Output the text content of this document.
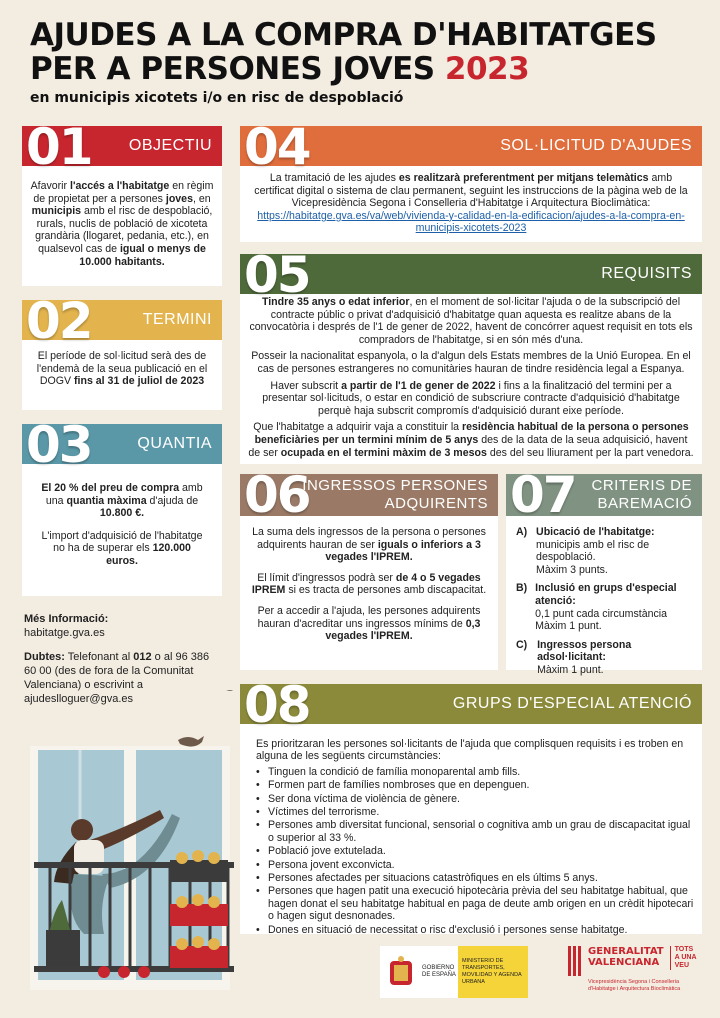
AJUDES A LA COMPRA D'HABITATGES
PER A PERSONES JOVES 2023
en municipis xicotets i/o en risc de despoblació
01 OBJECTIU
Afavorir l'accés a l'habitatge en règim de propietat per a persones joves, en municipis amb el risc de despoblació, rurals, nuclis de població de xicoteta grandària (llogaret, pedania, etc.), en qualsevol cas de igual o menys de 10.000 habitants.
02	TERMINI
El període de sol·licitud serà des de l'endemà de la seua publicació en el DOGV fins al 31 de juliol de 2023
03	QUANTIA
El 20 % del preu de compra amb una quantia màxima d'ajuda de 10.800 €.
L'import d'adquisició de l'habitatge no ha de superar els 120.000 euros.
Més Informació:
habitatge.gva.es
Dubtes: Telefonant al 012 o al 96 386 60 00 (des de fora de la Comunitat Valenciana) o escrivint a ajudeslloguer@gva.es
04	SOL·LICITUD D'AJUDES
La tramitació de les ajudes es realitzarà preferentment per mitjans telemàtics amb certificat digital o sistema de clau permanent, seguint les instruccions de la pàgina web de la Vicepresidència Segona i Conselleria d'Habitatge i Arquitectura Bioclimàtica:
https://habitatge.gva.es/va/web/vivienda-y-calidad-en-la-edificacion/ajudes-a-la-compra-en-municipis-xicotets-2023
05	REQUISITS

Tindre 35 anys o edat inferior, en el moment de sol·licitar l'ajuda o de la subscripció del contracte públic o privat d'adquisició d'habitatge quan aquesta es realitze abans de la convocatòria i després de l'1 de gener de 2022, havent de concórrer aquest requisit en tots els compradors de l'habitatge, si en són més d'una.

Posseir la nacionalitat espanyola, o la d'algun dels Estats membres de la Unió Europea. En el cas de persones estrangeres no comunitàries hauran de tindre residència legal a Espanya.

Haver subscrit a partir de l'1 de gener de 2022 i fins a la finalització del termini per a presentar sol·licituds, o estar en condició de subscriure contracte d'adquisició d'habitatge perquè haja subscrit compromís d'adquisició durant eixe període.

Que l'habitatge a adquirir vaja a constituir la residència habitual de la persona o persones beneficiàries per un termini mínim de 5 anys des de la data de la seua adquisició, havent de ser ocupada en el termini màxim de 3 mesos des del seu lliurament per la part venedora.

06
INGRESSOS PERSONES
ADQUIRENTS
La suma dels ingressos de la persona o persones adquirents hauran de ser iguals o inferiors a 3 vegades l'IPREM.
El límit d'ingressos podrà ser de 4 o 5 vegades IPREM si es tracta de persones amb discapacitat.
Per a accedir a l'ajuda, les persones adquirents hauran d'acreditar uns ingressos mínims de 0,3 vegades l'IPREM.
07 CRITERIS DE
BAREMACIÓ
A) Ubicació de l'habitatge:
municipis amb el risc de despoblació.
Màxim 3 punts.
B) Inclusió en grups d'especial atenció:
0,1 punt cada circumstància
Màxim 1 punt.
C) Ingressos persona adsol·licitant:
Màxim 1 punt.
08	GRUPS D'ESPECIAL ATENCIÓ
Es prioritzaran les persones sol·licitants de l'ajuda que complisquen requisits i es troben en alguna de les següents circumstàncies:
• Tinguen la condició de família monoparental amb fills.
• Formen part de famílies nombroses que en depenguen.
• Ser dona víctima de violència de gènere.
• Víctimes del terrorisme.
• Persones amb diversitat funcional, sensorial o cognitiva amb un grau de discapacitat igual o superior al 33 %.
• Població jove extutelada.
• Persona jovent exconvicta.
• Persones afectades per situacions catastròfiques en els últims 5 anys.
• Persones que hagen patit una execució hipotecària prèvia del seu habitatge habitual, que hagen donat el seu habitatge habitual en paga de deute amb origen en un crèdit hipotecari o hagen sigut desnonades.
• Dones en situació de necessitat o risc d'exclusió i persones sense habitatge.
GOBIERNO DE ESPAÑA
MINISTERIO DE TRANSPORTES, MOVILIDAD Y AGENDA URBANA
GENERALITAT
VALENCIANA
TOTS
A UNA
VEU
Vicepresidència Segona i Conselleria d'Habitatge i Arquitectura Bioclimàtica
